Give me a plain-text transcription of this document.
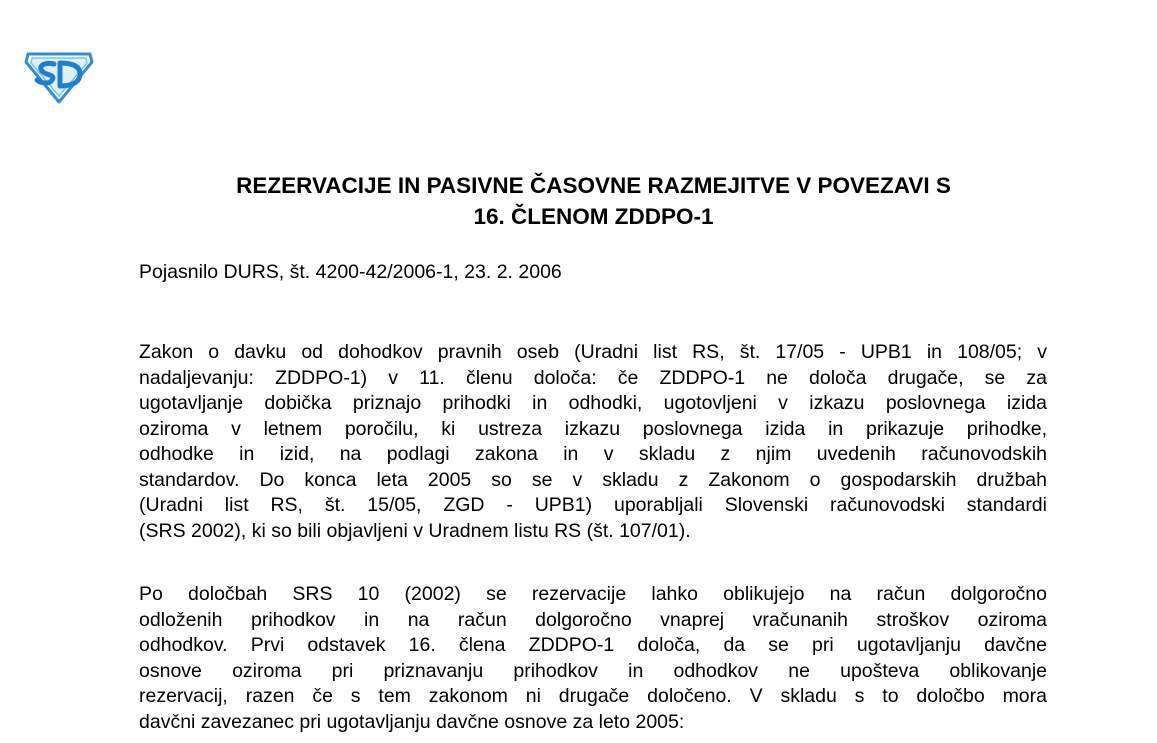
REZERVACIJE IN PASIVNE ČASOVNE RAZMEJITVE V POVEZAVI S
16. ČLENOM ZDDPO-1

Pojasnilo DURS, št. 4200-42/2006-1, 23. 2. 2006

Zakon o davku od dohodkov pravnih oseb (Uradni list RS, št. 17/05 - UPB1 in 108/05; v
nadaljevanju: ZDDPO-1) v 11. členu določa: če ZDDPO-1 ne določa drugače, se za
ugotavljanje dobička priznajo prihodki in odhodki, ugotovljeni v izkazu poslovnega izida
oziroma v letnem poročilu, ki ustreza izkazu poslovnega izida in prikazuje prihodke,
odhodke in izid, na podlagi zakona in v skladu z njim uvedenih računovodskih
standardov. Do konca leta 2005 so se v skladu z Zakonom o gospodarskih družbah
(Uradni list RS, št. 15/05, ZGD - UPB1) uporabljali Slovenski računovodski standardi
(SRS 2002), ki so bili objavljeni v Uradnem listu RS (št. 107/01).

Po določbah SRS 10 (2002) se rezervacije lahko oblikujejo na račun dolgoročno
odloženih prihodkov in na račun dolgoročno vnaprej vračunanih stroškov oziroma
odhodkov. Prvi odstavek 16. člena ZDDPO-1 določa, da se pri ugotavljanju davčne
osnove oziroma pri priznavanju prihodkov in odhodkov ne upošteva oblikovanje
rezervacij, razen če s tem zakonom ni drugače določeno. V skladu s to določbo mora
davčni zavezanec pri ugotavljanju davčne osnove za leto 2005:
